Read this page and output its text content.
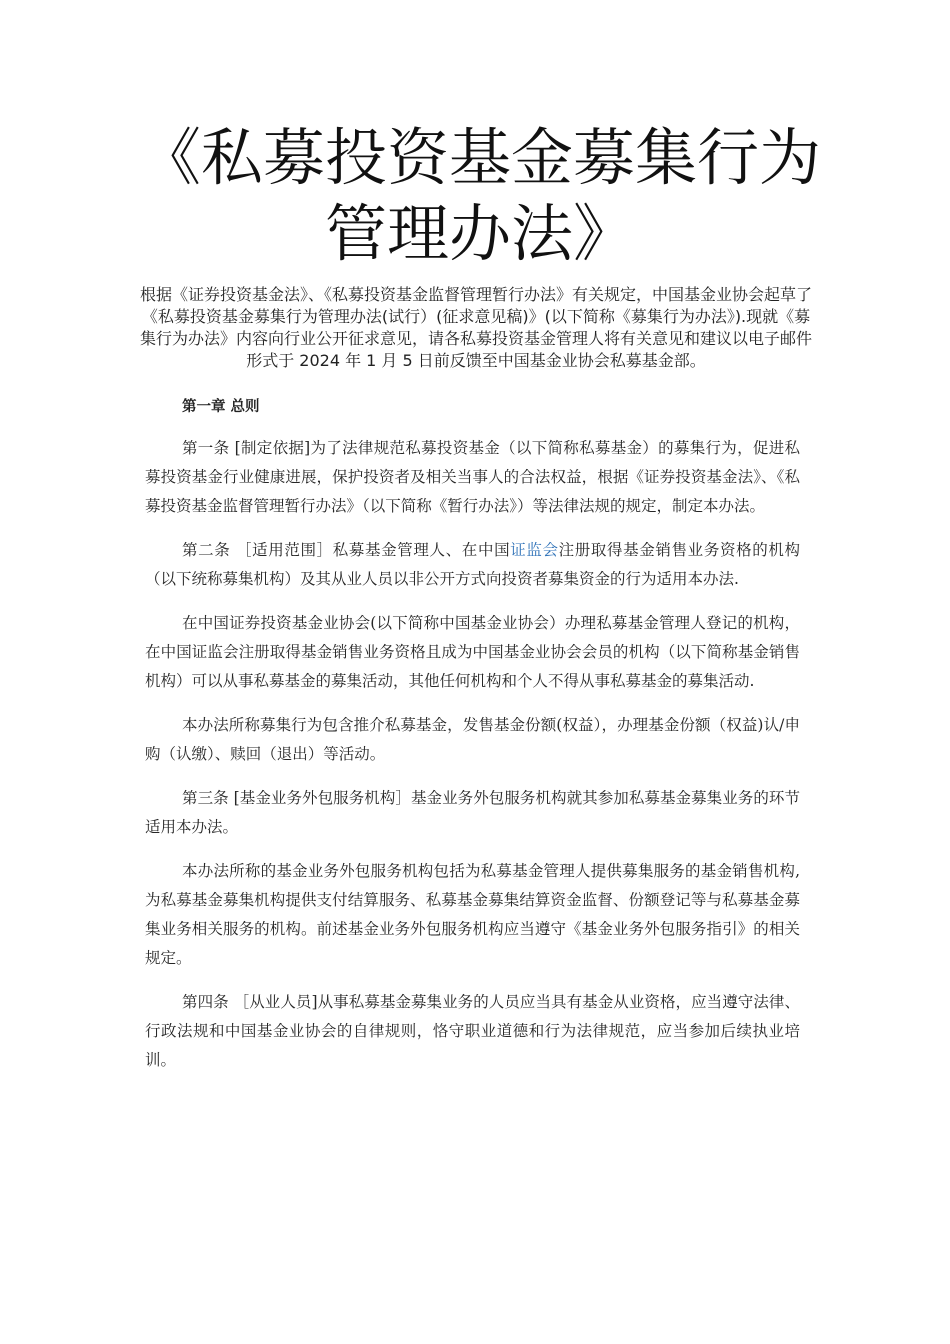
《私募投资基金募集行为管理办法》

根据《证券投资基金法》、《私募投资基金监督管理暂行办法》有关规定，中国基金业协会起草了《私募投资基金募集行为管理办法(试行）(征求意见稿)》(以下简称《募集行为办法》).现就《募集行为办法》内容向行业公开征求意见，请各私募投资基金管理人将有关意见和建议以电子邮件形式于 2024 年 1 月 5 日前反馈至中国基金业协会私募基金部。

第一章 总则

第一条 [制定依据]为了法律规范私募投资基金（以下简称私募基金）的募集行为，促进私募投资基金行业健康进展，保护投资者及相关当事人的合法权益，根据《证券投资基金法》、《私募投资基金监督管理暂行办法》（以下简称《暂行办法》）等法律法规的规定，制定本办法。

第二条 ［适用范围］私募基金管理人、在中国证监会注册取得基金销售业务资格的机构（以下统称募集机构）及其从业人员以非公开方式向投资者募集资金的行为适用本办法.

在中国证券投资基金业协会(以下简称中国基金业协会）办理私募基金管理人登记的机构，在中国证监会注册取得基金销售业务资格且成为中国基金业协会会员的机构（以下简称基金销售机构）可以从事私募基金的募集活动，其他任何机构和个人不得从事私募基金的募集活动.

本办法所称募集行为包含推介私募基金，发售基金份额(权益），办理基金份额（权益)认/申购（认缴）、赎回（退出）等活动。

第三条 [基金业务外包服务机构］基金业务外包服务机构就其参加私募基金募集业务的环节适用本办法。

本办法所称的基金业务外包服务机构包括为私募基金管理人提供募集服务的基金销售机构,为私募基金募集机构提供支付结算服务、私募基金募集结算资金监督、份额登记等与私募基金募集业务相关服务的机构。前述基金业务外包服务机构应当遵守《基金业务外包服务指引》的相关规定。

第四条 ［从业人员]从事私募基金募集业务的人员应当具有基金从业资格，应当遵守法律、行政法规和中国基金业协会的自律规则，恪守职业道德和行为法律规范，应当参加后续执业培训。
